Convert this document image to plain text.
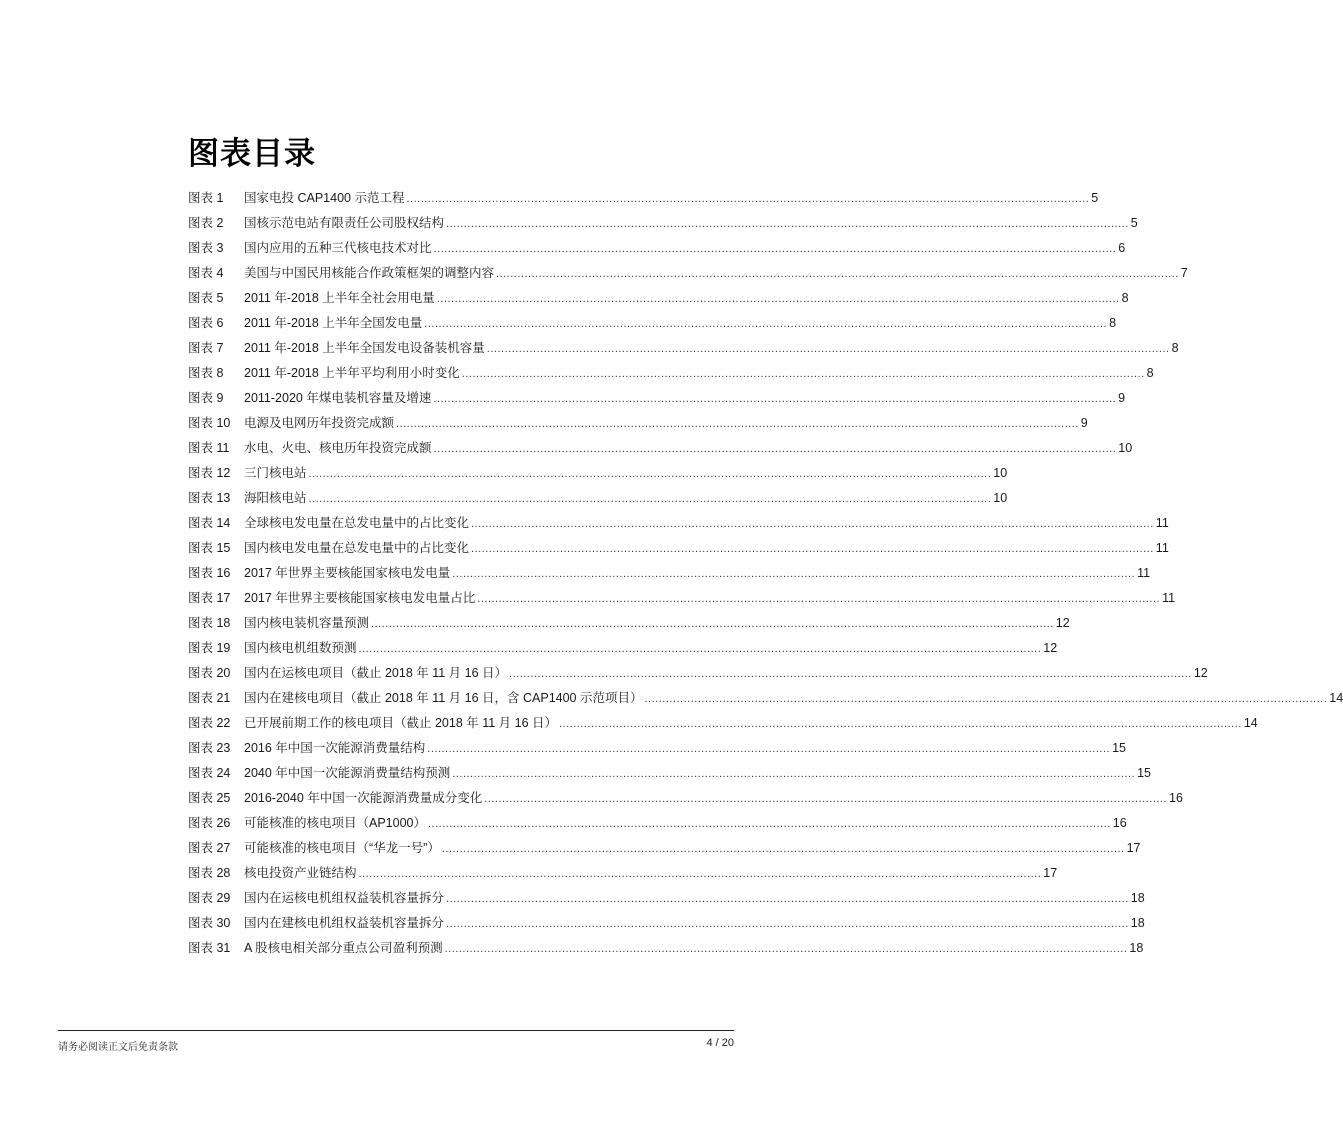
图表目录
图表 1	国家电投 CAP1400 示范工程 .....	5
图表 2	国核示范电站有限责任公司股权结构 .....	5
图表 3	国内应用的五种三代核电技术对比 .....	6
图表 4	美国与中国民用核能合作政策框架的调整内容 .....	7
图表 5	2011 年-2018 上半年全社会用电量 .....	8
图表 6	2011 年-2018 上半年全国发电量 .....	8
图表 7	2011 年-2018 上半年全国发电设备装机容量 .....	8
图表 8	2011 年-2018 上半年平均利用小时变化 .....	8
图表 9	2011-2020 年煤电装机容量及增速 .....	9
图表 10	电源及电网历年投资完成额 .....	9
图表 11	水电、火电、核电历年投资完成额 .....	10
图表 12	三门核电站 .....	10
图表 13	海阳核电站 .....	10
图表 14	全球核电发电量在总发电量中的占比变化 .....	11
图表 15	国内核电发电量在总发电量中的占比变化 .....	11
图表 16	2017 年世界主要核能国家核电发电量 .....	11
图表 17	2017 年世界主要核能国家核电发电量占比 .....	11
图表 18	国内核电装机容量预测 .....	12
图表 19	国内核电机组数预测 .....	12
图表 20	国内在运核电项目（截止 2018 年 11 月 16 日） .....	12
图表 21	国内在建核电项目（截止 2018 年 11 月 16 日，含 CAP1400 示范项目） .....	14
图表 22	已开展前期工作的核电项目（截止 2018 年 11 月 16 日） .....	14
图表 23	2016 年中国一次能源消费量结构 .....	15
图表 24	2040 年中国一次能源消费量结构预测 .....	15
图表 25	2016-2040 年中国一次能源消费量成分变化 .....	16
图表 26	可能核准的核电项目（AP1000） .....	16
图表 27	可能核准的核电项目（“华龙一号”） .....	17
图表 28	核电投资产业链结构 .....	17
图表 29	国内在运核电机组权益装机容量拆分 .....	18
图表 30	国内在建核电机组权益装机容量拆分 .....	18
图表 31	A 股核电相关部分重点公司盈利预测 .....	18
请务必阅读正文后免责条款	4 / 20
